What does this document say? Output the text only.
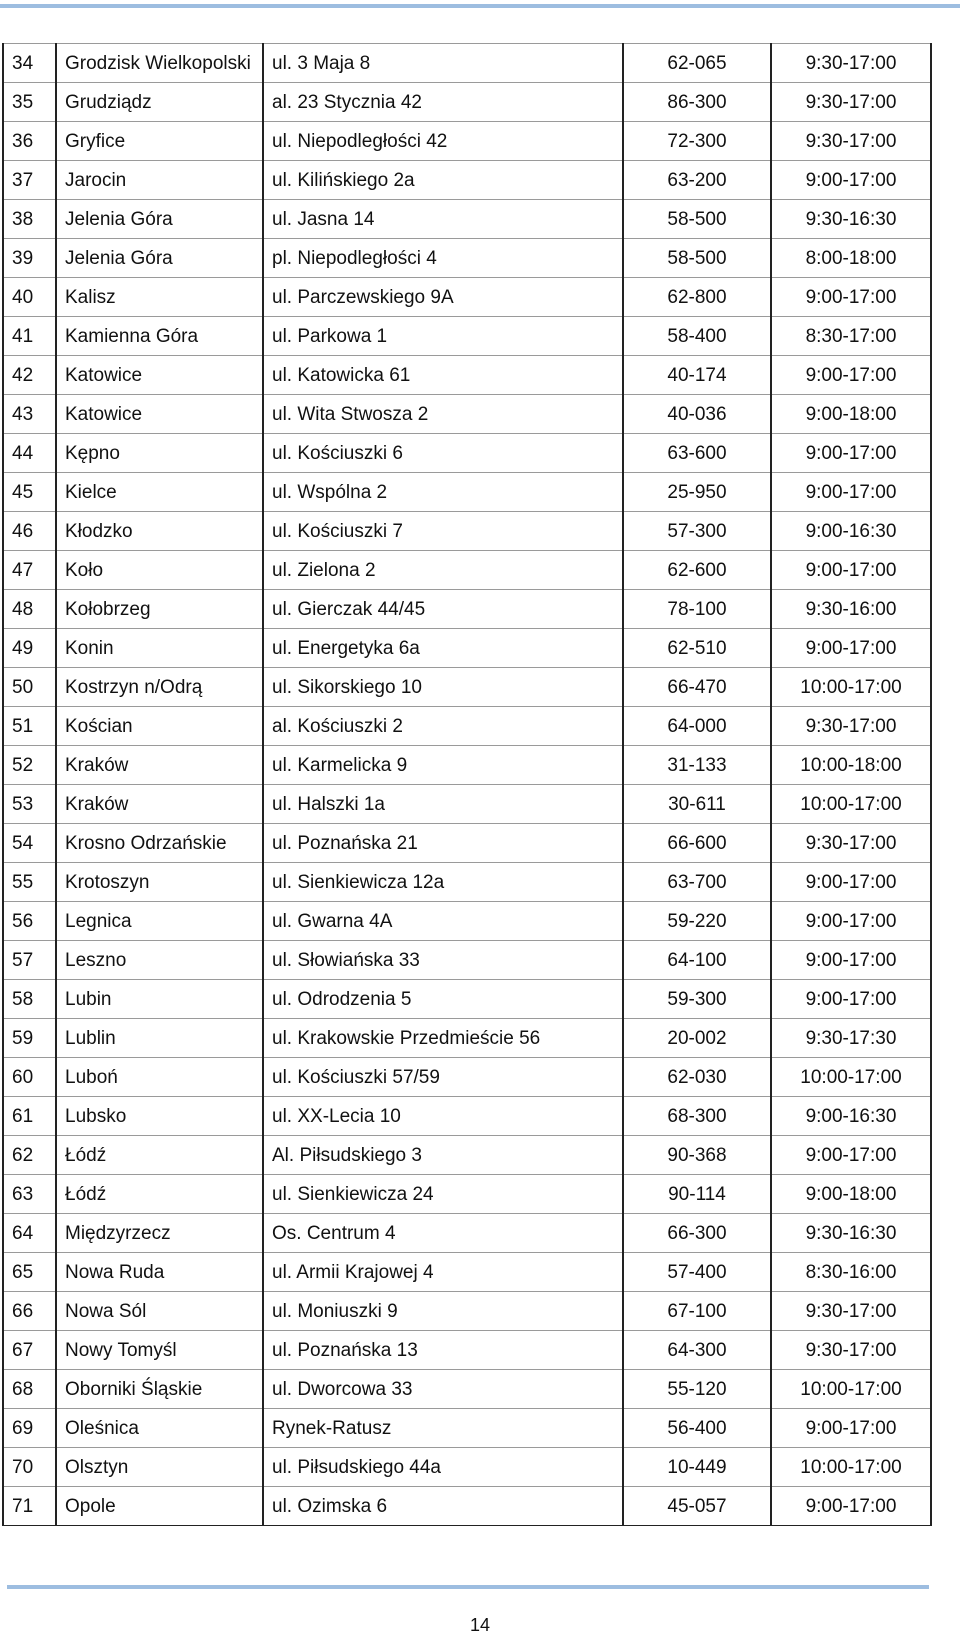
34	Grodzisk Wielkopolski	ul. 3 Maja 8	62-065	9:30-17:00
35	Grudziądz	al. 23 Stycznia 42	86-300	9:30-17:00
36	Gryfice	ul. Niepodległości 42	72-300	9:30-17:00
37	Jarocin	ul. Kilińskiego 2a	63-200	9:00-17:00
38	Jelenia Góra	ul. Jasna 14	58-500	9:30-16:30
39	Jelenia Góra	pl. Niepodległości 4	58-500	8:00-18:00
40	Kalisz	ul. Parczewskiego 9A	62-800	9:00-17:00
41	Kamienna Góra	ul. Parkowa 1	58-400	8:30-17:00
42	Katowice	ul. Katowicka 61	40-174	9:00-17:00
43	Katowice	ul. Wita Stwosza 2	40-036	9:00-18:00
44	Kępno	ul. Kościuszki 6	63-600	9:00-17:00
45	Kielce	ul. Wspólna 2	25-950	9:00-17:00
46	Kłodzko	ul. Kościuszki 7	57-300	9:00-16:30
47	Koło	ul. Zielona 2	62-600	9:00-17:00
48	Kołobrzeg	ul. Gierczak 44/45	78-100	9:30-16:00
49	Konin	ul. Energetyka 6a	62-510	9:00-17:00
50	Kostrzyn n/Odrą	ul. Sikorskiego 10	66-470	10:00-17:00
51	Kościan	al. Kościuszki 2	64-000	9:30-17:00
52	Kraków	ul. Karmelicka 9	31-133	10:00-18:00
53	Kraków	ul. Halszki 1a	30-611	10:00-17:00
54	Krosno Odrzańskie	ul. Poznańska 21	66-600	9:30-17:00
55	Krotoszyn	ul. Sienkiewicza 12a	63-700	9:00-17:00
56	Legnica	ul. Gwarna 4A	59-220	9:00-17:00
57	Leszno	ul. Słowiańska 33	64-100	9:00-17:00
58	Lubin	ul. Odrodzenia 5	59-300	9:00-17:00
59	Lublin	ul. Krakowskie Przedmieście 56	20-002	9:30-17:30
60	Luboń	ul. Kościuszki 57/59	62-030	10:00-17:00
61	Lubsko	ul. XX-Lecia 10	68-300	9:00-16:30
62	Łódź	Al. Piłsudskiego 3	90-368	9:00-17:00
63	Łódź	ul. Sienkiewicza 24	90-114	9:00-18:00
64	Międzyrzecz	Os. Centrum 4	66-300	9:30-16:30
65	Nowa Ruda	ul. Armii Krajowej 4	57-400	8:30-16:00
66	Nowa Sól	ul. Moniuszki 9	67-100	9:30-17:00
67	Nowy Tomyśl	ul. Poznańska 13	64-300	9:30-17:00
68	Oborniki Śląskie	ul. Dworcowa 33	55-120	10:00-17:00
69	Oleśnica	Rynek-Ratusz	56-400	9:00-17:00
70	Olsztyn	ul. Piłsudskiego 44a	10-449	10:00-17:00
71	Opole	ul. Ozimska 6	45-057	9:00-17:00
14
